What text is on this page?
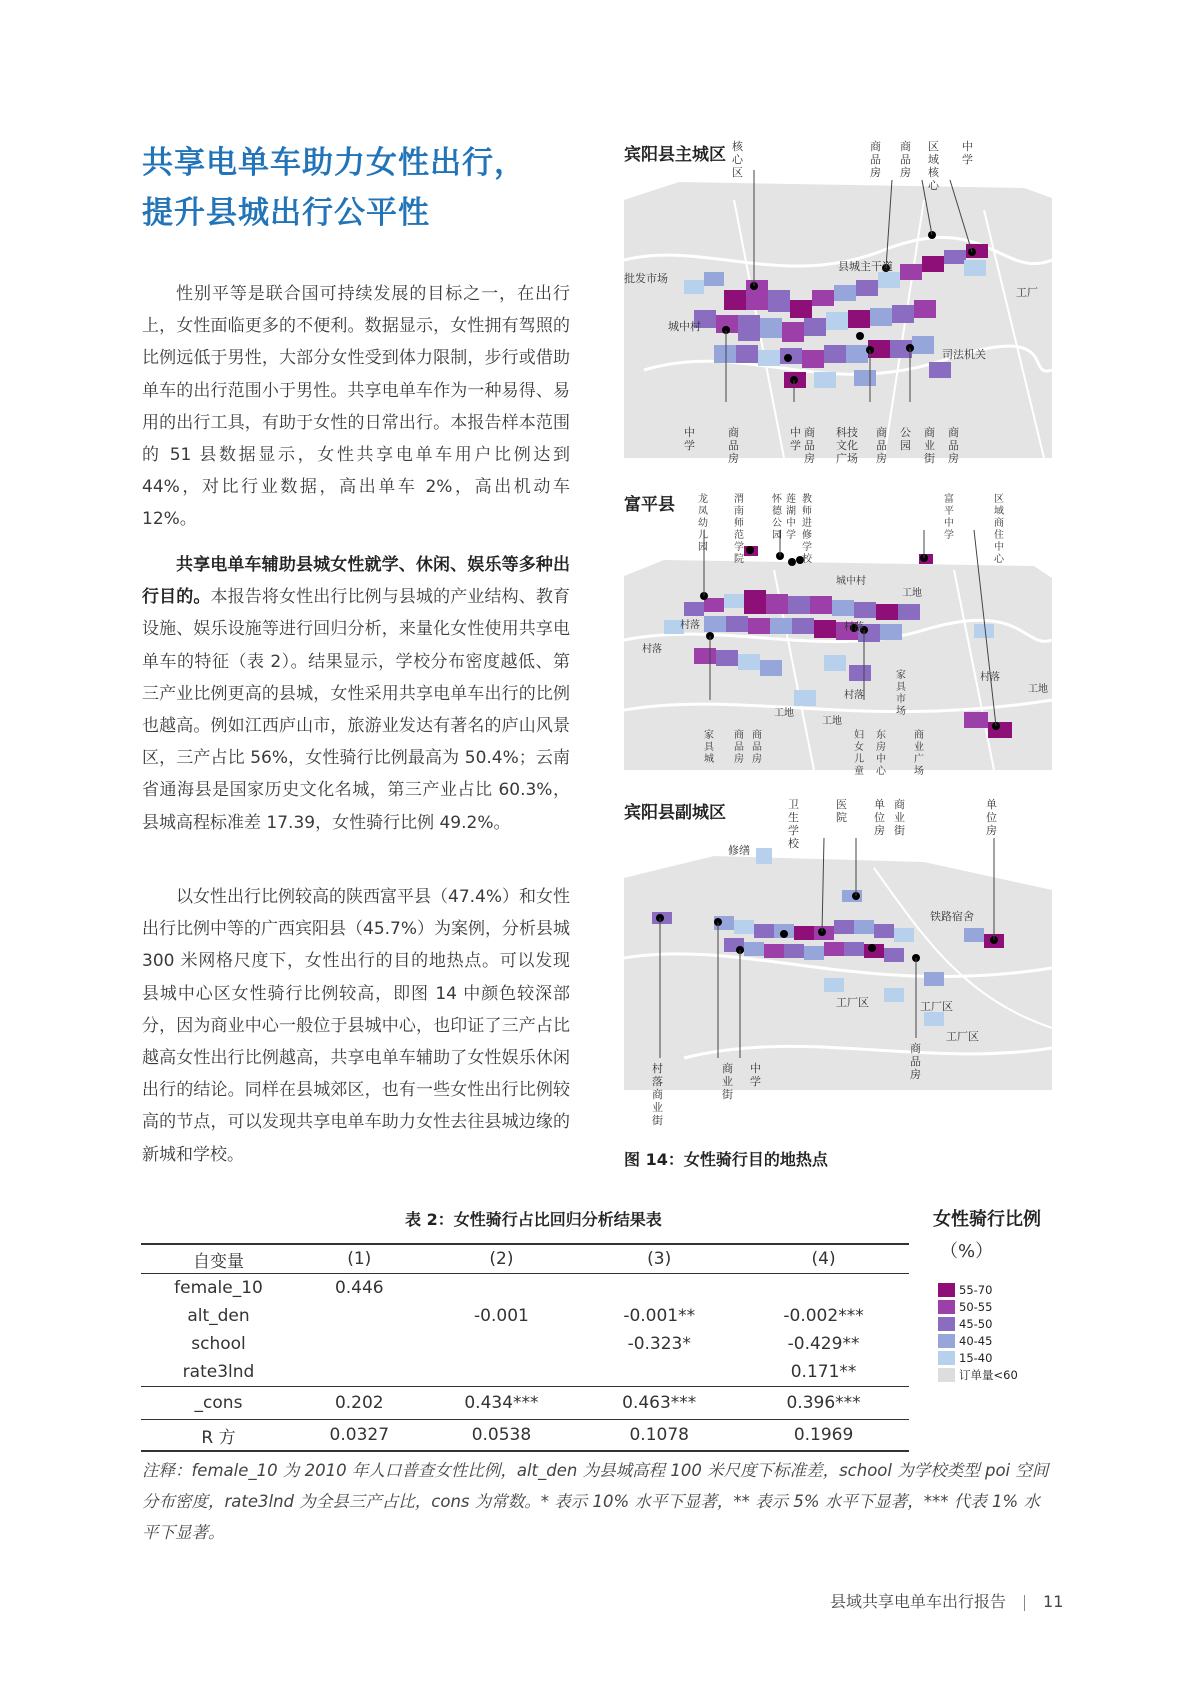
共享电单车助力女性出行，
提升县城出行公平性

性别平等是联合国可持续发展的目标之一，在出行上，女性面临更多的不便利。数据显示，女性拥有驾照的比例远低于男性，大部分女性受到体力限制，步行或借助单车的出行范围小于男性。共享电单车作为一种易得、易用的出行工具，有助于女性的日常出行。本报告样本范围的 51 县数据显示，女性共享电单车用户比例达到 44%，对比行业数据，高出单车 2%，高出机动车 12%。

共享电单车辅助县城女性就学、休闲、娱乐等多种出行目的。本报告将女性出行比例与县城的产业结构、教育设施、娱乐设施等进行回归分析，来量化女性使用共享电单车的特征（表 2）。结果显示，学校分布密度越低、第三产业比例更高的县城，女性采用共享电单车出行的比例也越高。例如江西庐山市，旅游业发达有著名的庐山风景区，三产占比 56%，女性骑行比例最高为 50.4%；云南省通海县是国家历史文化名城，第三产业占比 60.3%，县城高程标准差 17.39，女性骑行比例 49.2%。

以女性出行比例较高的陕西富平县（47.4%）和女性出行比例中等的广西宾阳县（45.7%）为案例，分析县城 300 米网格尺度下，女性出行的目的地热点。可以发现县城中心区女性骑行比例较高，即图 14 中颜色较深部分，因为商业中心一般位于县城中心，也印证了三产占比越高女性出行比例越高，共享电单车辅助了女性娱乐休闲出行的结论。同样在县城郊区，也有一些女性出行比例较高的节点，可以发现共享电单车助力女性去往县城边缘的新城和学校。

宾阳县主城区 核心区
商品房
商品房
区域核心
中学
县城主干道
批发市场
城中村
司法机关
工厂
中学
商品房
中学
商品房
科技文化广场
商品房
公园
商业街
商品房
富平县 龙凤幼儿园
渭南师范学院
怀德公园
莲湖中学
教师进修学校
富平中学
区域商住中心
城中村
村落
村落
工地
村落
工地
工地
村落
工地
村落
家具城
商品房
商品房
妇女儿童
东房中心
家具市场
商业广场
宾阳县副城区	卫生学校
医院
单位房
商业街
单位房
修缮
铁路宿舍
工厂区	工厂区
工厂区
村落商业街
商业街
中学
商品房
图 14：女性骑行目的地热点
表 2：女性骑行占比回归分析结果表
自变量	(1)	(2)	(3)	(4)
female_10	0.446			
alt_den		-0.001	-0.001**	-0.002***
school			-0.323*	-0.429**
rate3lnd				0.171**
_cons	0.202	0.434***	0.463***	0.396***
R 方	0.0327	0.0538	0.1078	0.1969
女性骑行比例
（%）
55-70
50-55
45-50
40-45
15-40
订单量<60
注释：female_10 为 2010 年人口普查女性比例，alt_den 为县城高程 100 米尺度下标准差，school 为学校类型 poi 空间分布密度，rate3lnd 为全县三产占比，cons 为常数。* 表示 10% 水平下显著，** 表示 5% 水平下显著，*** 代表 1% 水平下显著。
县域共享电单车出行报告 11
